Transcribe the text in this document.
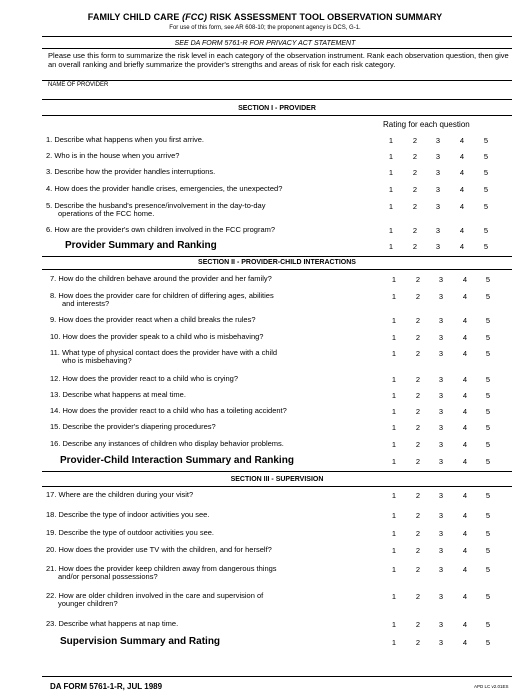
FAMILY CHILD CARE (FCC) RISK ASSESSMENT TOOL OBSERVATION SUMMARY
For use of this form, see AR 608-10; the proponent agency is DCS, G-1.
SEE DA FORM 5761-R FOR PRIVACY ACT STATEMENT
Please use this form to summarize the risk level in each category of the observation instrument. Rank each observation question, then give an overall ranking and briefly summarize the provider's strengths and areas of risk for each risk category.
NAME OF PROVIDER
SECTION I - PROVIDER
Rating for each question
1. Describe what happens when you first arrive.	1	2	3	4	5
2. Who is in the house when you arrive?	1	2	3	4	5
3. Describe how the provider handles interruptions.	1	2	3	4	5
4. How does the provider handle crises, emergencies, the unexpected?	1	2	3	4	5
5. Describe the husband's presence/involvement in the day-to-day
operations of the FCC home.
1	2	3	4	5
6. How are the provider's own children involved in the FCC program?	1	2	3	4	5
Provider Summary and Ranking	1	2	3	4	5
7. How do the children behave around the provider and her family?	1	2	3	4	5
8. How does the provider care for children of differing ages, abilities
and interests?
1	2	3	4	5
9. How does the provider react when a child breaks the rules?	1	2	3	4	5
10. How does the provider speak to a child who is misbehaving?	1	2	3	4	5
11. What type of physical contact does the provider have with a child
who is misbehaving?
1	2	3	4	5
12. How does the provider react to a child who is crying?	1	2	3	4	5
13. Describe what happens at meal time.	1	2	3	4	5
14. How does the provider react to a child who has a toileting accident?	1	2	3	4	5
15. Describe the provider's diapering procedures?	1	2	3	4	5
16. Describe any instances of children who display behavior problems.	1	2	3	4	5
Provider-Child Interaction Summary and Ranking	1	2	3	4	5
17. Where are the children during your visit?	1	2	3	4	5
18. Describe the type of indoor activities you see.	1	2	3	4	5
19. Describe the type of outdoor activities you see.	1	2	3	4	5
20. How does the provider use TV with the children, and for herself?	1	2	3	4	5
21. How does the provider keep children away from dangerous things
and/or personal possessions?
1	2	3	4	5
22. How are older children involved in the care and supervision of
younger children?
1	2	3	4	5
23. Describe what happens at nap time.	1	2	3	4	5
Supervision Summary and Rating	1	2	3	4	5
SECTION II - PROVIDER-CHILD INTERACTIONS
SECTION III - SUPERVISION
DA FORM 5761-1-R, JUL 1989	APD LC v2.01ES
